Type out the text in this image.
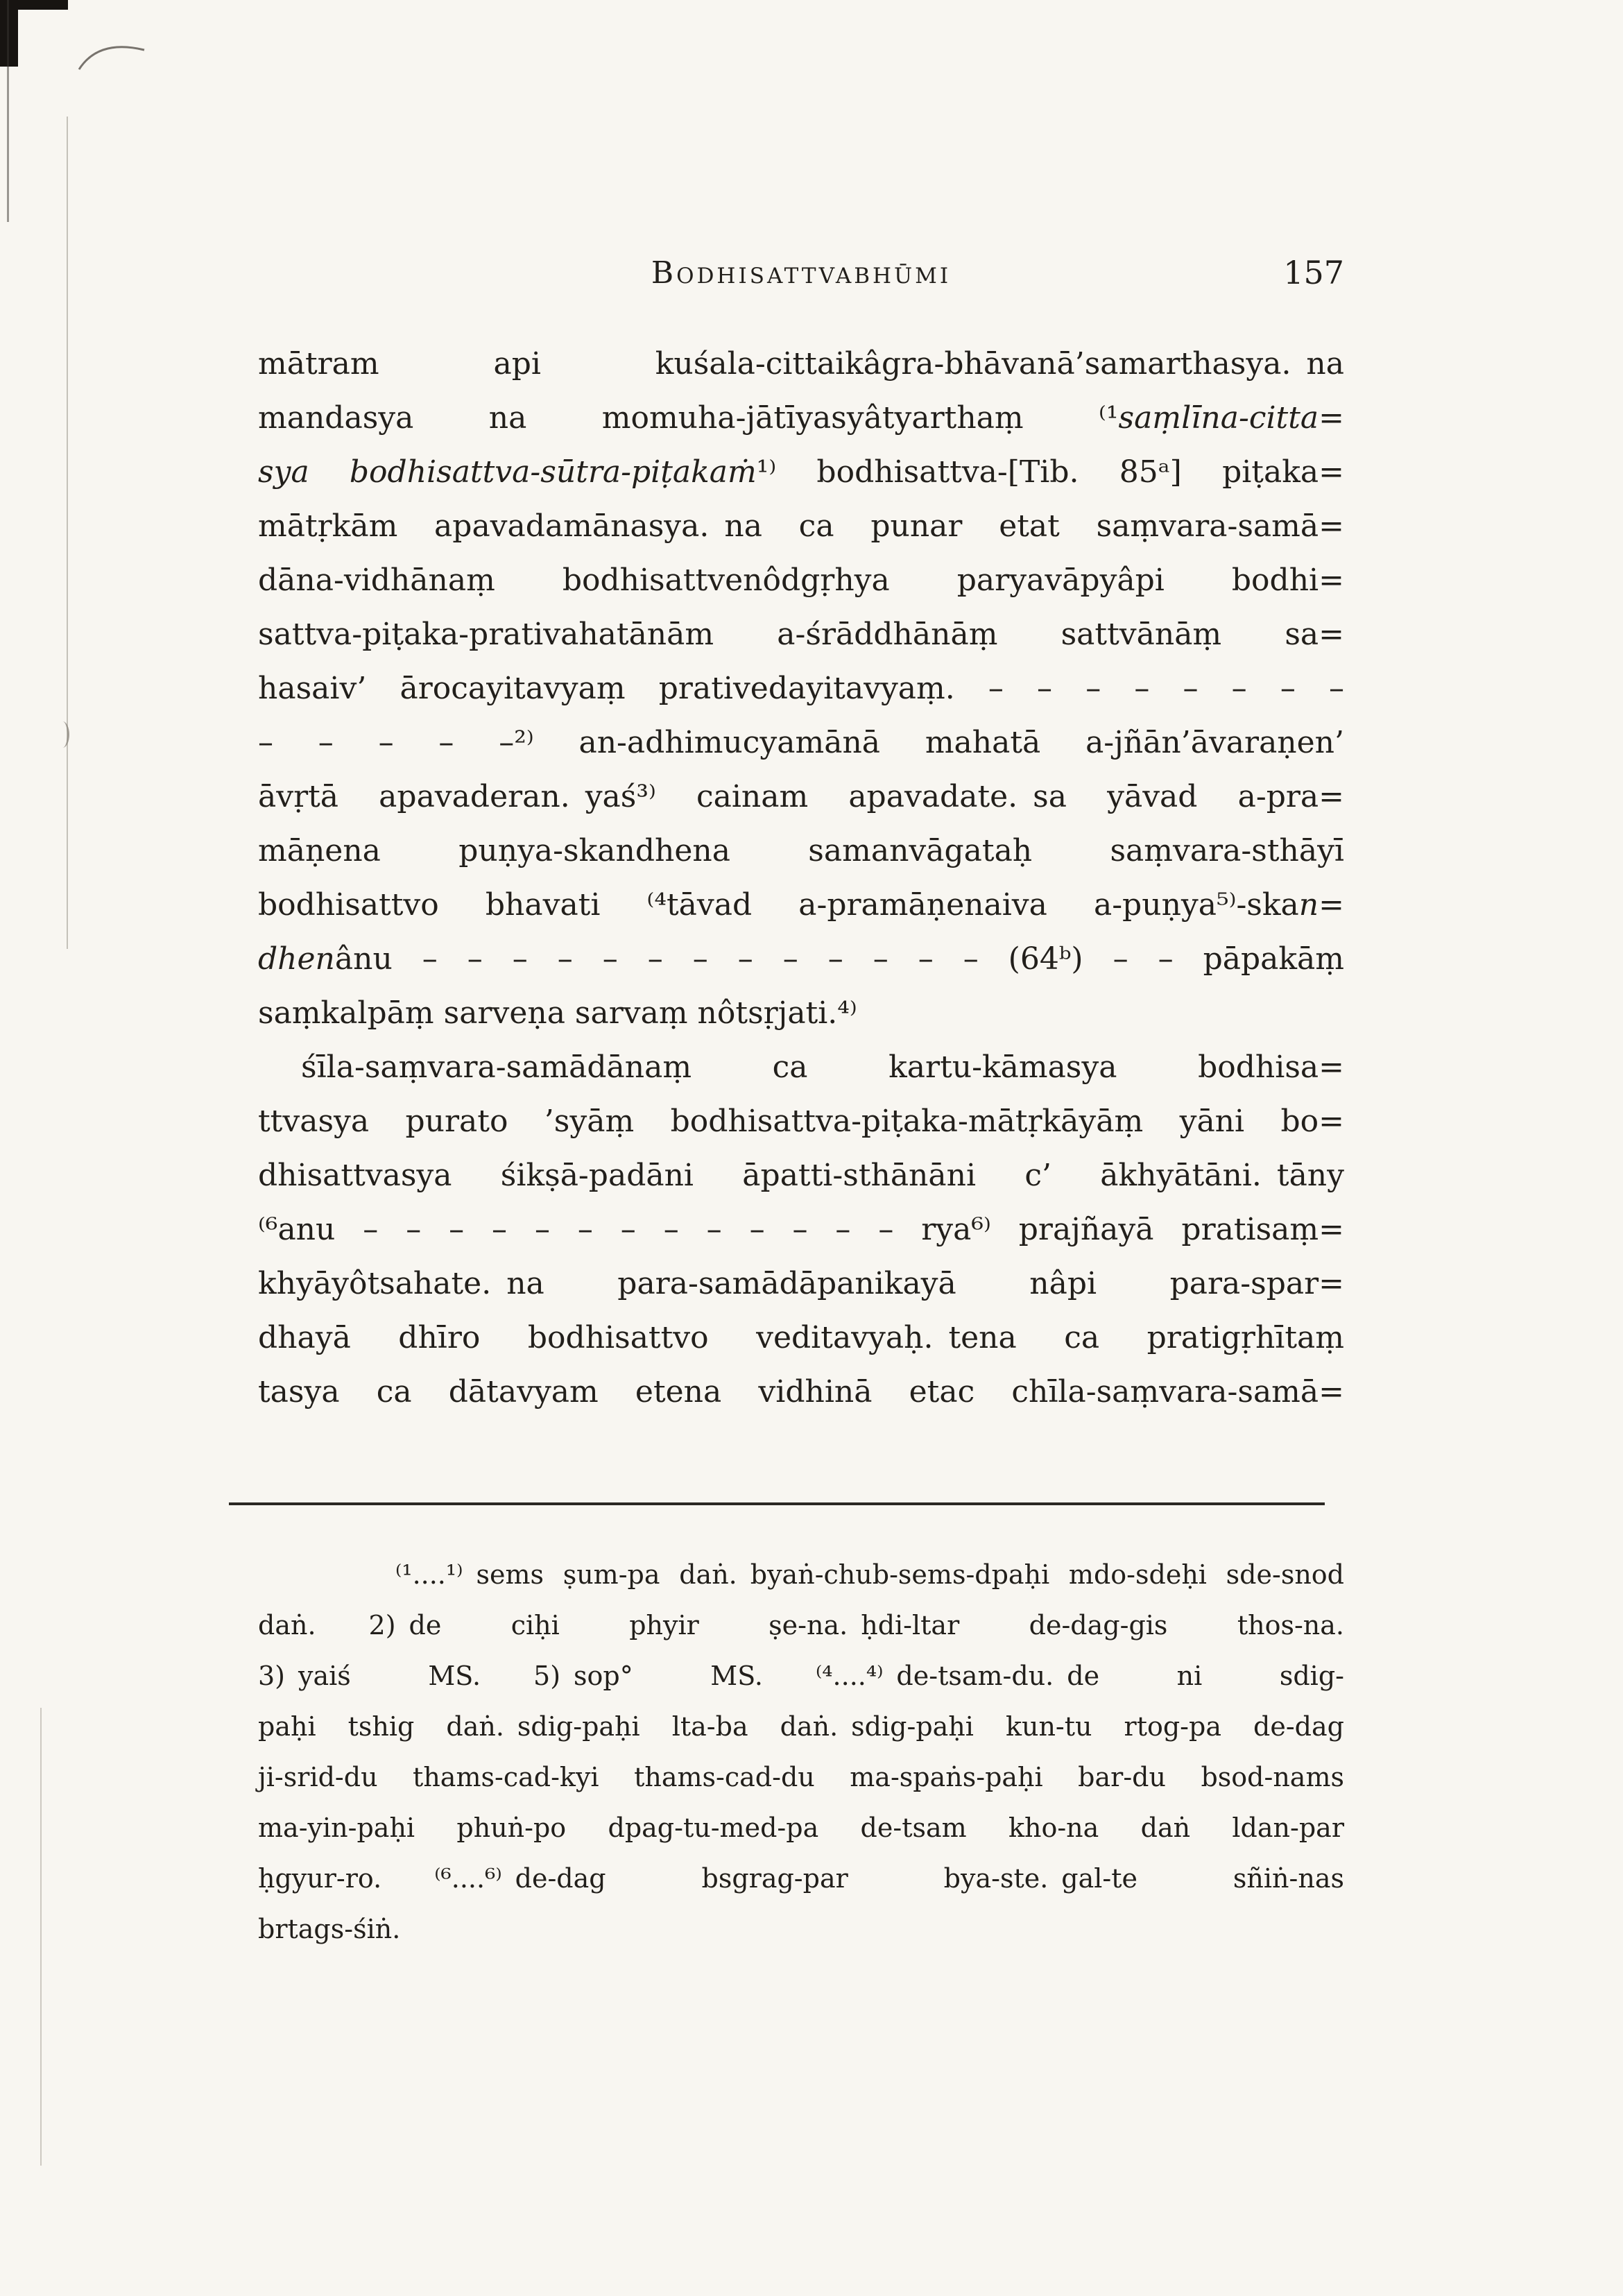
Bodhisattvabhūmi	157
mātram api kuśala-cittaikâgra-bhāvanā’samarthasya. na
mandasya na momuha-jātīyasyâtyarthaṃ ⁽¹saṃlīna-citta=
sya bodhisattva-sūtra-piṭakaṁ¹⁾ bodhisattva-[Tib. 85ᵃ] piṭaka=
mātṛkām apavadamānasya. na ca punar etat saṃvara-samā=
dāna-vidhānaṃ bodhisattvenôdgṛhya paryavāpyâpi bodhi=
sattva-piṭaka-prativahatānām a-śrāddhānāṃ sattvānāṃ sa=
hasaiv’ ārocayitavyaṃ prativedayitavyaṃ. – – – – – – – –
– – – – –²⁾ an-adhimucyamānā mahatā a-jñān’āvaraṇen’
āvṛtā apavaderan. yaś³⁾ cainam apavadate. sa yāvad a-pra=
māṇena puṇya-skandhena samanvāgataḥ saṃvara-sthāyī
bodhisattvo bhavati ⁽⁴tāvad a-pramāṇenaiva a-puṇya⁵⁾-skan=
dhenânu – – – – – – – – – – – – – (64ᵇ) – – pāpakāṃ
saṃkalpāṃ sarveṇa sarvaṃ nôtsṛjati.⁴⁾
śīla-saṃvara-samādānaṃ ca kartu-kāmasya bodhisa=
ttvasya purato ’syāṃ bodhisattva-piṭaka-mātṛkāyāṃ yāni bo=
dhisattvasya śikṣā-padāni āpatti-sthānāni c’ ākhyātāni. tāny
⁽⁶anu – – – – – – – – – – – – – rya⁶⁾ prajñayā pratisaṃ=
khyāyôtsahate. na para-samādāpanikayā nâpi para-spar=
dhayā dhīro bodhisattvo veditavyaḥ. tena ca pratigṛhītaṃ
tasya ca dātavyam etena vidhinā etac chīla-saṃvara-samā=
⁽¹....¹⁾ sems ṣum-pa daṅ. byaṅ-chub-sems-dpaḥi mdo-sdeḥi sde-snod
daṅ.  2) de ciḥi phyir ṣe-na. ḥdi-ltar de-dag-gis thos-na.
3) yaiś MS.  5) sop° MS.  ⁽⁴....⁴⁾ de-tsam-du. de ni sdig-
paḥi tshig daṅ. sdig-paḥi lta-ba daṅ. sdig-paḥi kun-tu rtog-pa de-dag
ji-srid-du thams-cad-kyi thams-cad-du ma-spaṅs-paḥi bar-du bsod-nams
ma-yin-paḥi phuṅ-po dpag-tu-med-pa de-tsam kho-na daṅ ldan-par
ḥgyur-ro.  ⁽⁶....⁶⁾ de-dag bsgrag-par bya-ste. gal-te sñiṅ-nas
brtags-śiṅ.
